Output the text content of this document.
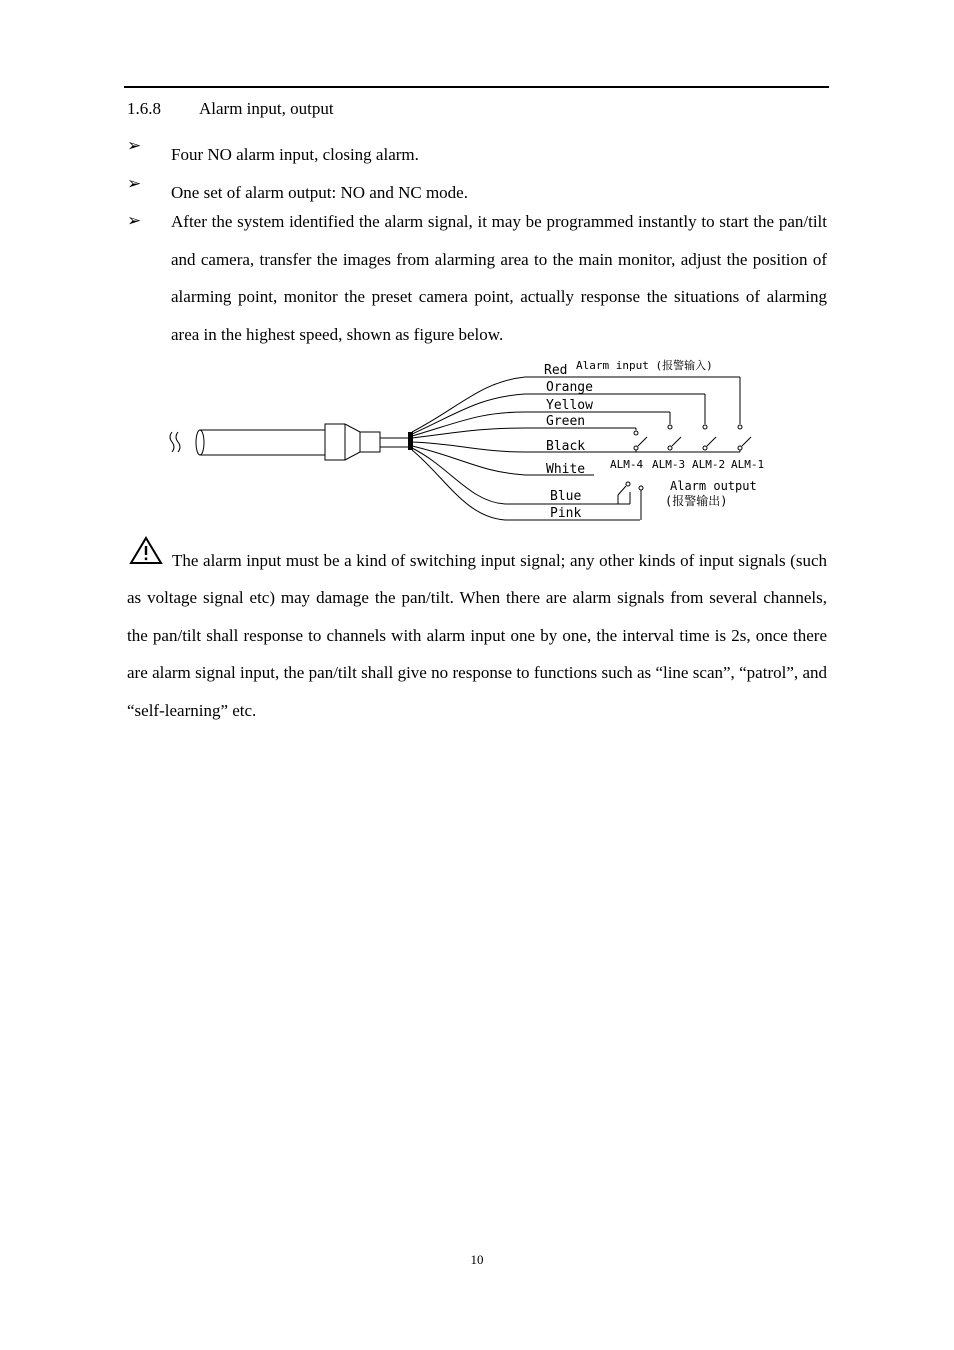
1.6.8 Alarm input, output
➢ Four NO alarm input, closing alarm.
➢ One set of alarm output: NO and NC mode.
➢ After the system identified the alarm signal, it may be programmed instantly to start the pan/tilt and camera, transfer the images from alarming area to the main monitor, adjust the position of alarming point, monitor the preset camera point, actually response the situations of alarming area in the highest speed, shown as figure below.
Red
Orange
Yellow
Green
Black
White
Blue
Pink
Alarm input (报警输入)
ALM-4 ALM-3 ALM-2 ALM-1
Alarm output
(报警输出)
The alarm input must be a kind of switching input signal; any other kinds of input signals (such as voltage signal etc) may damage the pan/tilt. When there are alarm signals from several channels, the pan/tilt shall response to channels with alarm input one by one, the interval time is 2s, once there are alarm signal input, the pan/tilt shall give no response to functions such as “line scan”, “patrol”, and “self-learning” etc.
10
